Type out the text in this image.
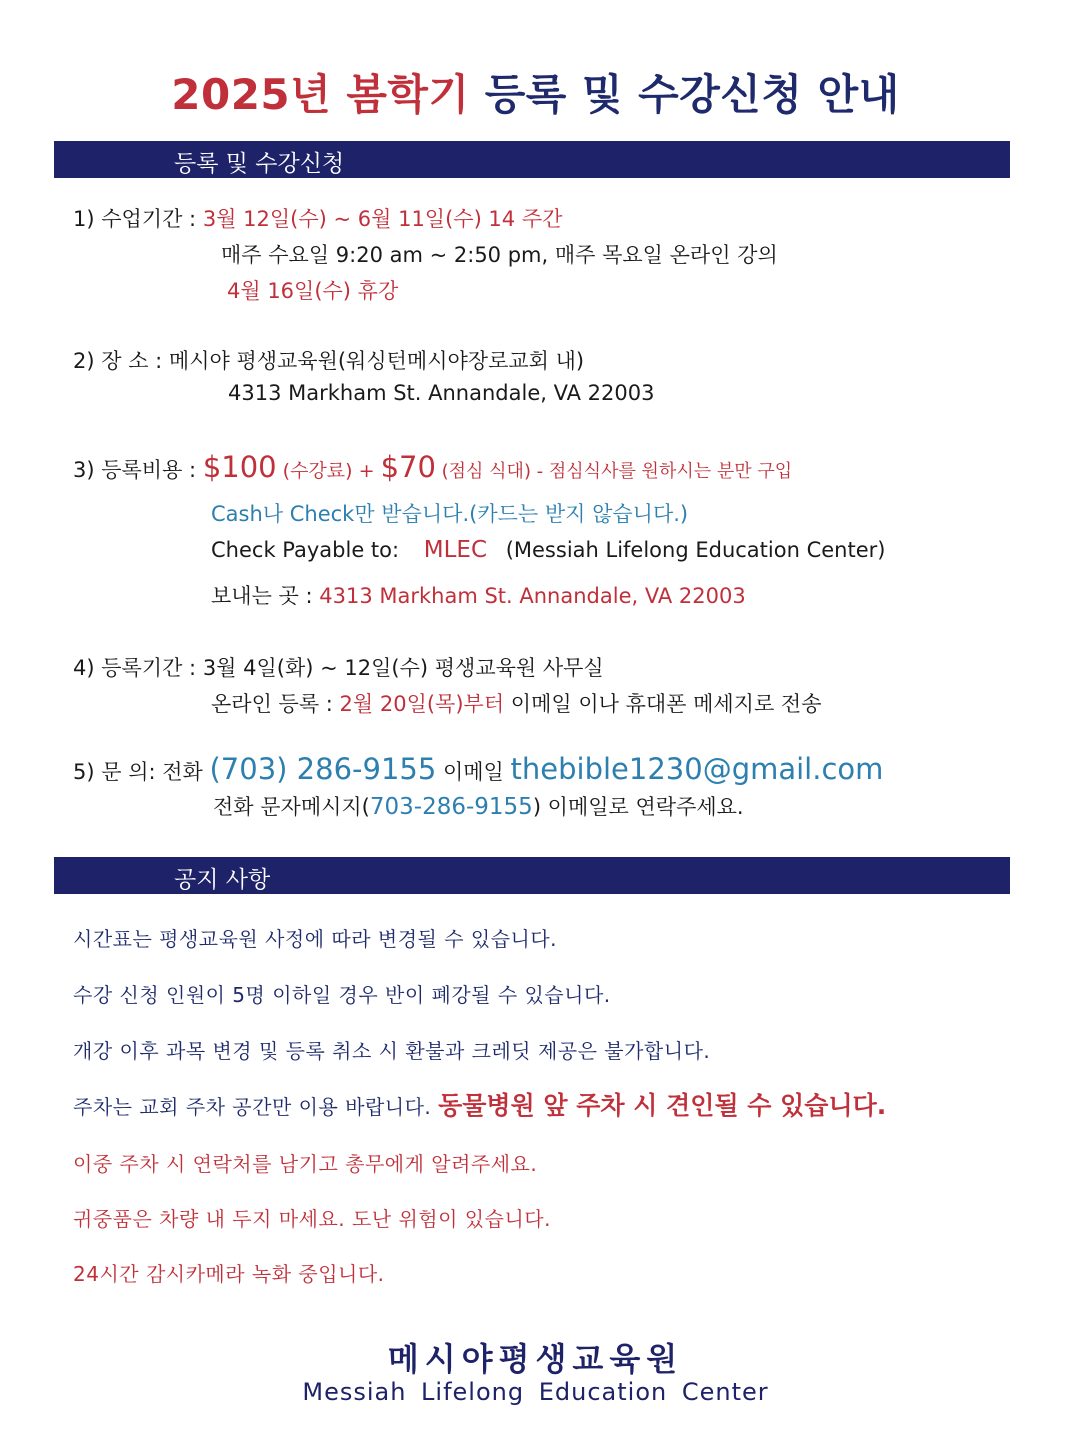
2025년 봄학기 등록 및 수강신청 안내
등록 및 수강신청
1) 수업기간 : 3월 12일(수) ~ 6월 11일(수) 14 주간
매주 수요일 9:20 am ~ 2:50 pm, 매주 목요일 온라인 강의
4월 16일(수) 휴강
2) 장 소 : 메시야 평생교육원(워싱턴메시야장로교회 내)
4313 Markham St. Annandale, VA 22003
3) 등록비용 : $100 (수강료) + $70 (점심 식대) - 점심식사를 원하시는 분만 구입
Cash나 Check만 받습니다.(카드는 받지 않습니다.)
Check Payable to: MLEC (Messiah Lifelong Education Center)
보내는 곳 : 4313 Markham St. Annandale, VA 22003
4) 등록기간 : 3월 4일(화) ~ 12일(수) 평생교육원 사무실
온라인 등록 : 2월 20일(목)부터 이메일 이나 휴대폰 메세지로 전송
5) 문 의: 전화 (703) 286-9155 이메일 thebible1230@gmail.com
전화 문자메시지(703-286-9155) 이메일로 연락주세요.
공지 사항
시간표는 평생교육원 사정에 따라 변경될 수 있습니다.
수강 신청 인원이 5명 이하일 경우 반이 폐강될 수 있습니다.
개강 이후 과목 변경 및 등록 취소 시 환불과 크레딧 제공은 불가합니다.
주차는 교회 주차 공간만 이용 바랍니다. 동물병원 앞 주차 시 견인될 수 있습니다.
이중 주차 시 연락처를 남기고 총무에게 알려주세요.
귀중품은 차량 내 두지 마세요. 도난 위험이 있습니다.
24시간 감시카메라 녹화 중입니다.
메시야평생교육원
Messiah Lifelong Education Center
